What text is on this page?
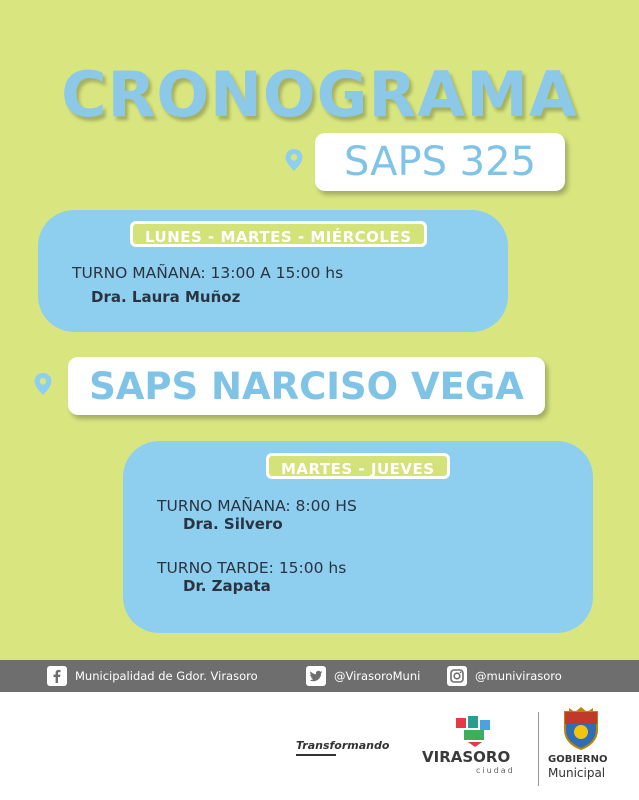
CRONOGRAMA
SAPS 325
LUNES - MARTES - MIÉRCOLES
TURNO MAÑANA: 13:00 A 15:00 hs
Dra. Laura Muñoz
SAPS NARCISO VEGA
MARTES - JUEVES
TURNO MAÑANA: 8:00 HS
Dra. Silvero
TURNO TARDE: 15:00 hs
Dr. Zapata
Municipalidad de Gdor. Virasoro	@VirasoroMuni	@munivirasoro
Transformando
VIRASORO
ciudad
GOBIERNO
Municipal
